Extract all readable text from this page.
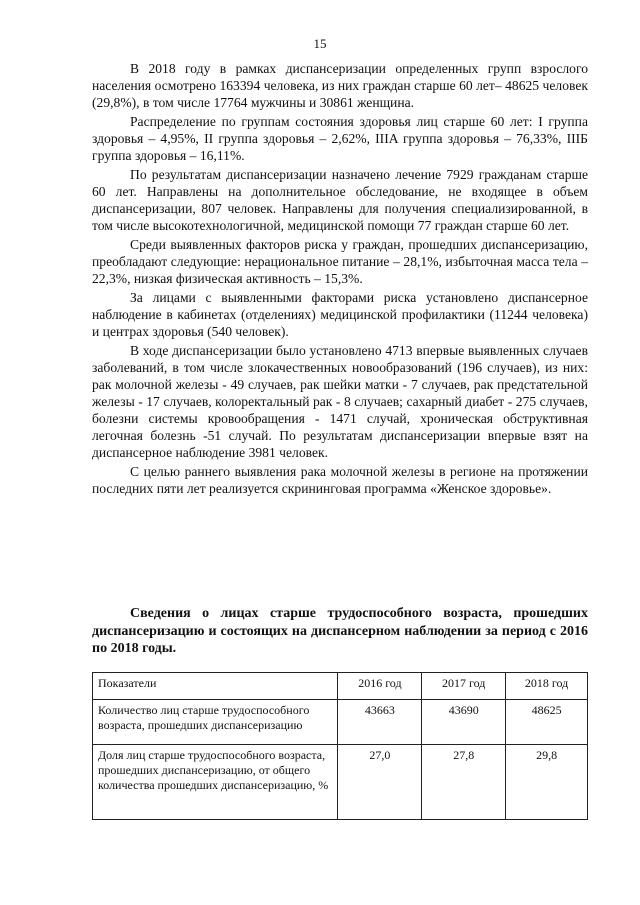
15

В 2018 году в рамках диспансеризации определенных групп взрослого населения осмотрено 163394 человека, из них граждан старше 60 лет– 48625 человек (29,8%), в том числе 17764 мужчины и 30861 женщина.

Распределение по группам состояния здоровья лиц старше 60 лет: I группа здоровья – 4,95%, II группа здоровья – 2,62%, IIIA группа здоровья – 76,33%, IIIБ группа здоровья – 16,11%.

По результатам диспансеризации назначено лечение 7929 гражданам старше 60 лет. Направлены на дополнительное обследование, не входящее в объем диспансеризации, 807 человек. Направлены для получения специализированной, в том числе высокотехнологичной, медицинской помощи 77 граждан старше 60 лет.

Среди выявленных факторов риска у граждан, прошедших диспансеризацию, преобладают следующие: нерациональное питание – 28,1%, избыточная масса тела – 22,3%, низкая физическая активность – 15,3%.

За лицами с выявленными факторами риска установлено диспансерное наблюдение в кабинетах (отделениях) медицинской профилактики (11244 человека) и центрах здоровья (540 человек).

В ходе диспансеризации было установлено 4713 впервые выявленных случаев заболеваний, в том числе злокачественных новообразований (196 случаев), из них: рак молочной железы - 49 случаев, рак шейки матки - 7 случаев, рак предстательной железы - 17 случаев, колоректальный рак - 8 случаев; сахарный диабет - 275 случаев, болезни системы кровообращения - 1471 случай, хроническая обструктивная легочная болезнь -51 случай. По результатам диспансеризации впервые взят на диспансерное наблюдение 3981 человек.

С целью раннего выявления рака молочной железы в регионе на протяжении последних пяти лет реализуется скрининговая программа «Женское здоровье».

Сведения о лицах старше трудоспособного возраста, прошедших диспансеризацию и состоящих на диспансерном наблюдении за период с 2016 по 2018 годы.

Показатели	2016 год	2017 год	2018 год
Количество лиц старше трудоспособного возраста, прошедших диспансеризацию	43663	43690	48625
Доля лиц старше трудоспособного возраста, прошедших диспансеризацию, от общего количества прошедших диспансеризацию, %	27,0	27,8	29,8
